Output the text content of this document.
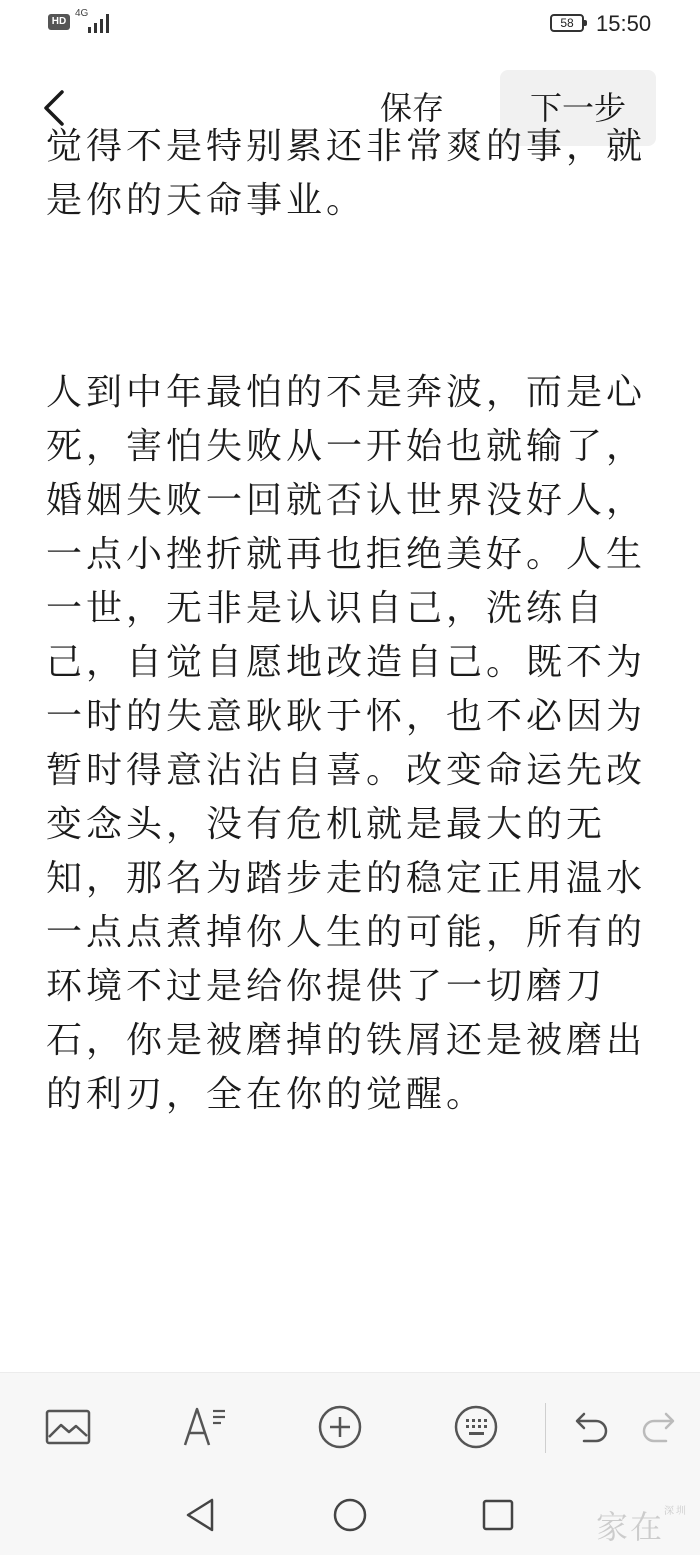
HD
4G
58	15:50
保存	下一步

觉得不是特别累还非常爽的事，就是你的天命事业。

人到中年最怕的不是奔波，而是心死，害怕失败从一开始也就输了，婚姻失败一回就否认世界没好人，一点小挫折就再也拒绝美好。人生一世，无非是认识自己，洗练自己，自觉自愿地改造自己。既不为一时的失意耿耿于怀，也不必因为暂时得意沾沾自喜。改变命运先改变念头，没有危机就是最大的无知，那名为踏步走的稳定正用温水一点点煮掉你人生的可能，所有的环境不过是给你提供了一切磨刀石，你是被磨掉的铁屑还是被磨出的利刃，全在你的觉醒。

家在$^{深圳}$
